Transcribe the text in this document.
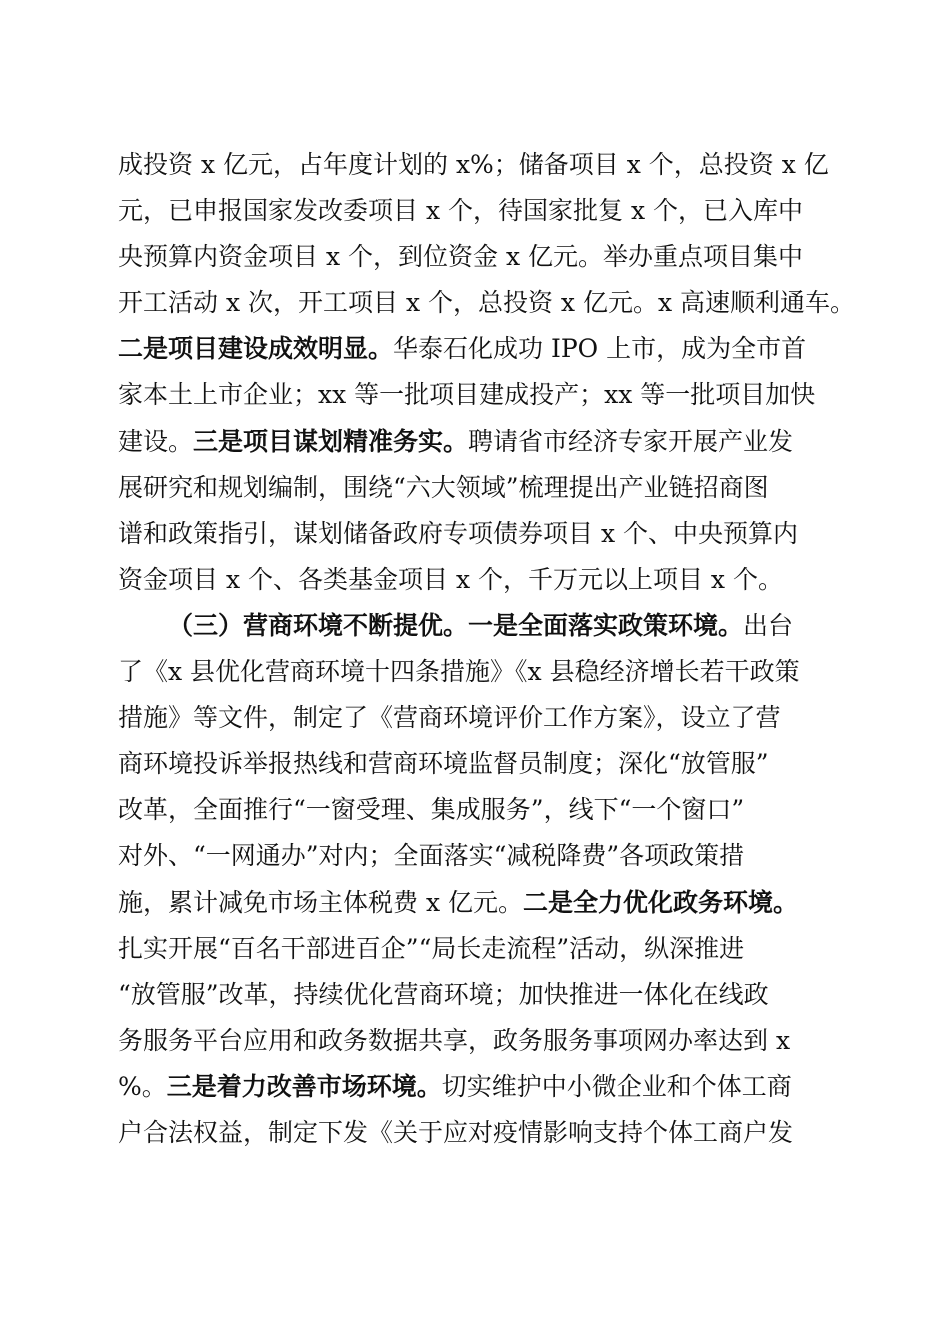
成投资 x 亿元，占年度计划的 x%；储备项目 x 个，总投资 x 亿
元，已申报国家发改委项目 x 个，待国家批复 x 个，已入库中
央预算内资金项目 x 个，到位资金 x 亿元。举办重点项目集中
开工活动 x 次，开工项目 x 个，总投资 x 亿元。x 高速顺利通车。
二是项目建设成效明显。华泰石化成功 IPO 上市，成为全市首
家本土上市企业；xx 等一批项目建成投产；xx 等一批项目加快
建设。三是项目谋划精准务实。聘请省市经济专家开展产业发
展研究和规划编制，围绕“六大领域”梳理提出产业链招商图
谱和政策指引，谋划储备政府专项债券项目 x 个、中央预算内
资金项目 x 个、各类基金项目 x 个，千万元以上项目 x 个。
（三）营商环境不断提优。一是全面落实政策环境。出台
了《x 县优化营商环境十四条措施》《x 县稳经济增长若干政策
措施》等文件，制定了《营商环境评价工作方案》，设立了营
商环境投诉举报热线和营商环境监督员制度；深化“放管服”
改革，全面推行“一窗受理、集成服务”，线下“一个窗口”
对外、“一网通办”对内；全面落实“减税降费”各项政策措
施，累计减免市场主体税费 x 亿元。二是全力优化政务环境。
扎实开展“百名干部进百企”“局长走流程”活动，纵深推进
“放管服”改革，持续优化营商环境；加快推进一体化在线政
务服务平台应用和政务数据共享，政务服务事项网办率达到 x
%。三是着力改善市场环境。切实维护中小微企业和个体工商
户合法权益，制定下发《关于应对疫情影响支持个体工商户发
